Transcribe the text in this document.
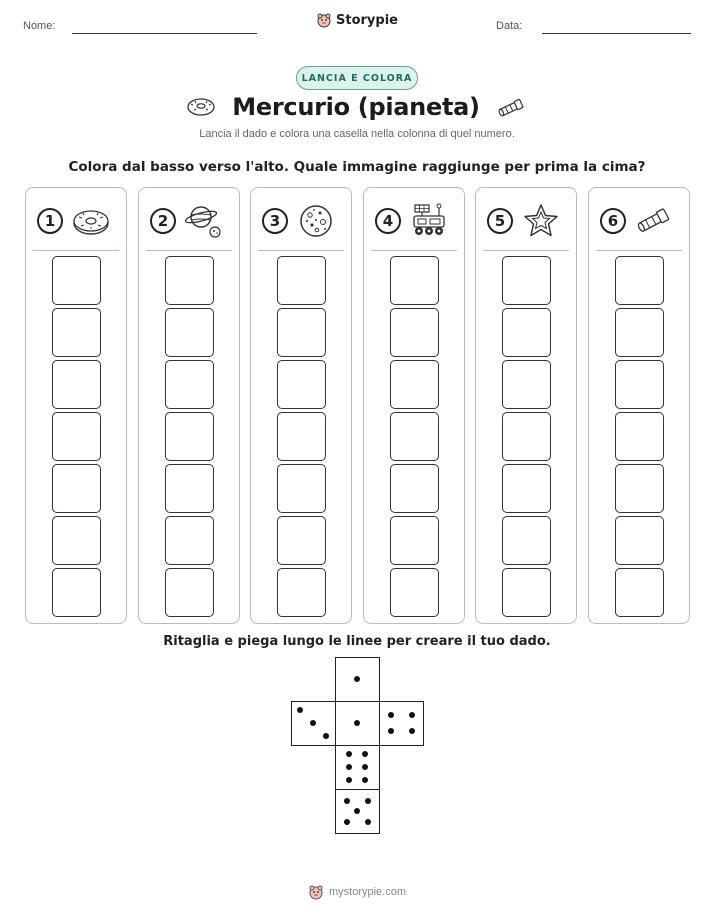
Nome:	Storypie	Data:
LANCIA E COLORA
Mercurio (pianeta)
Lancia il dado e colora una casella nella colonna di quel numero.
Colora dal basso verso l'alto. Quale immagine raggiunge per prima la cima?
1	2	3	4	5	6
Ritaglia e piega lungo le linee per creare il tuo dado.
mystorypie.com
